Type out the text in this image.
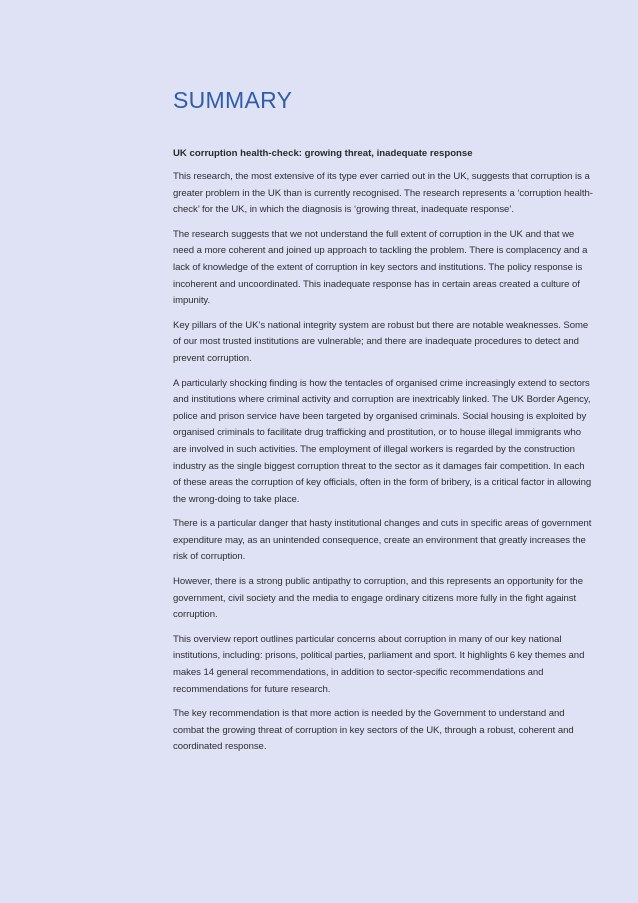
SUMMARY

UK corruption health-check: growing threat, inadequate response

This research, the most extensive of its type ever carried out in the UK, suggests that corruption is a greater problem in the UK than is currently recognised. The research represents a ‘corruption health-check’ for the UK, in which the diagnosis is ‘growing threat, inadequate response’.

The research suggests that we not understand the full extent of corruption in the UK and that we need a more coherent and joined up approach to tackling the problem. There is complacency and a lack of knowledge of the extent of corruption in key sectors and institutions. The policy response is incoherent and uncoordinated. This inadequate response has in certain areas created a culture of impunity.

Key pillars of the UK’s national integrity system are robust but there are notable weaknesses. Some of our most trusted institutions are vulnerable; and there are inadequate procedures to detect and prevent corruption.

A particularly shocking finding is how the tentacles of organised crime increasingly extend to sectors and institutions where criminal activity and corruption are inextricably linked. The UK Border Agency, police and prison service have been targeted by organised criminals. Social housing is exploited by organised criminals to facilitate drug trafficking and prostitution, or to house illegal immigrants who are involved in such activities. The employment of illegal workers is regarded by the construction industry as the single biggest corruption threat to the sector as it damages fair competition. In each of these areas the corruption of key officials, often in the form of bribery, is a critical factor in allowing the wrong-doing to take place.

There is a particular danger that hasty institutional changes and cuts in specific areas of government expenditure may, as an unintended consequence, create an environment that greatly increases the risk of corruption.

However, there is a strong public antipathy to corruption, and this represents an opportunity for the government, civil society and the media to engage ordinary citizens more fully in the fight against corruption.

This overview report outlines particular concerns about corruption in many of our key national institutions, including: prisons, political parties, parliament and sport. It highlights 6 key themes and makes 14 general recommendations, in addition to sector-specific recommendations and recommendations for future research.

The key recommendation is that more action is needed by the Government to understand and combat the growing threat of corruption in key sectors of the UK, through a robust, coherent and coordinated response.
